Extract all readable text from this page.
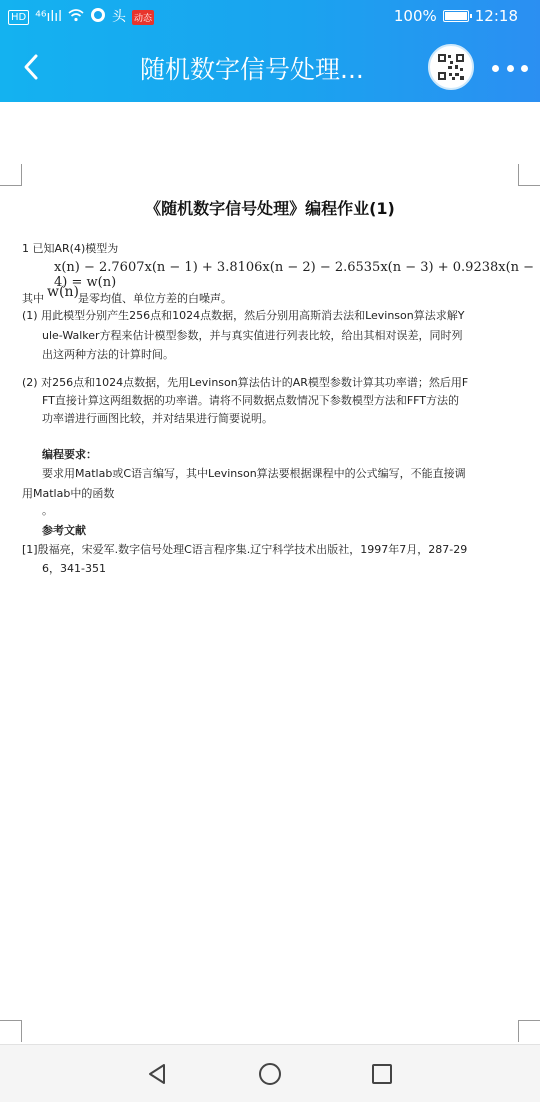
HD ⁴⁶ılıl	头 动态	100%	12:18
随机数字信号处理...
《随机数字信号处理》编程作业(1)
1 已知AR(4)模型为
x(n) − 2.7607x(n − 1) + 3.8106x(n − 2) − 2.6535x(n − 3) + 0.9238x(n − 4) = w(n)
其中 w(n) 是零均值、单位方差的白噪声。
(1) 用此模型分别产生256点和1024点数据，然后分别用高斯消去法和Levinson算法求解Y
ule-Walker方程来估计模型参数，并与真实值进行列表比较，给出其相对误差，同时列
出这两种方法的计算时间。
(2) 对256点和1024点数据，先用Levinson算法估计的AR模型参数计算其功率谱；然后用F
FT直接计算这两组数据的功率谱。请将不同数据点数情况下参数模型方法和FFT方法的
功率谱进行画图比较，并对结果进行简要说明。
编程要求：
要求用Matlab或C语言编写，其中Levinson算法要根据课程中的公式编写，不能直接调
用Matlab中的函数
。
参考文献
[1]殷福亮，宋爱军.数字信号处理C语言程序集.辽宁科学技术出版社，1997年7月，287-29
6，341-351
